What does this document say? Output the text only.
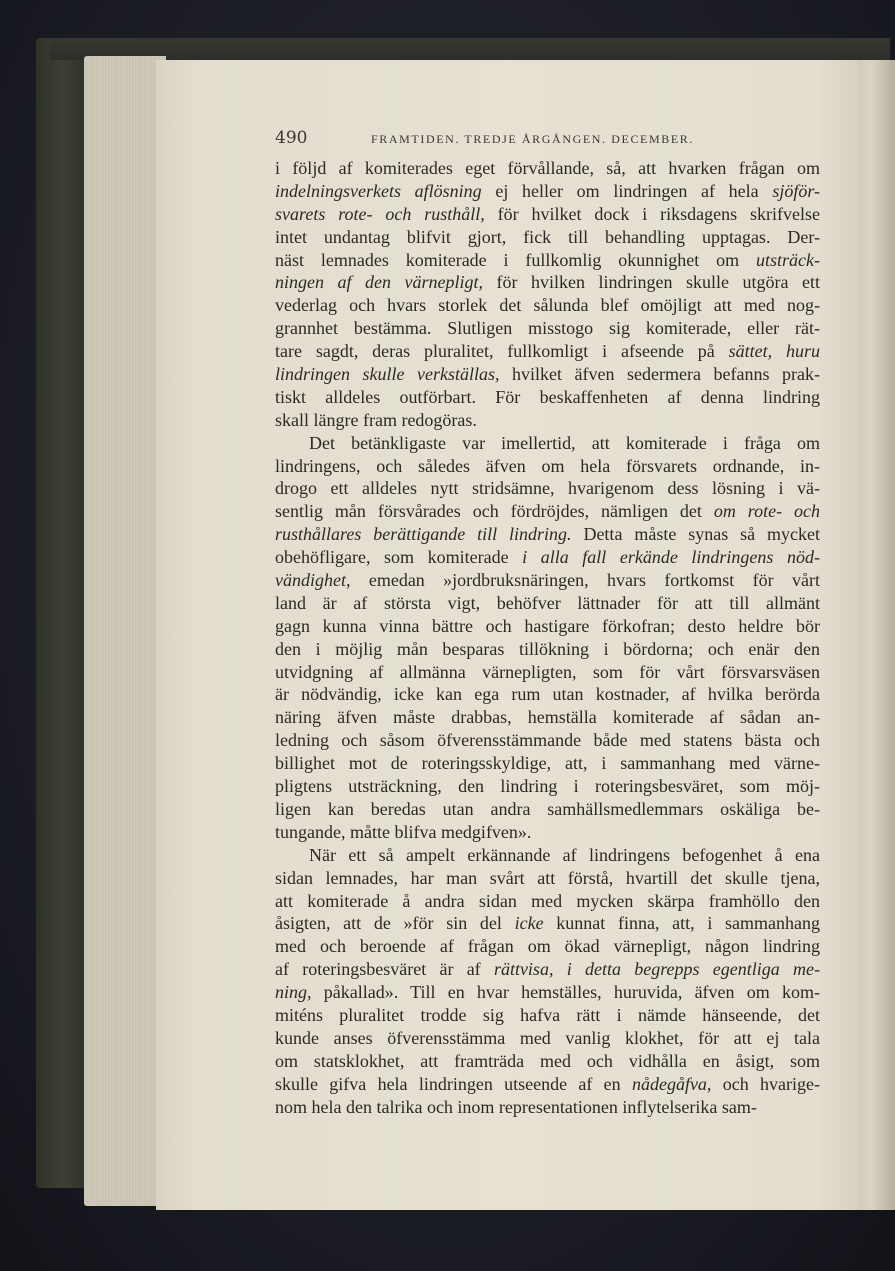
490	FRAMTIDEN. TREDJE ÅRGÅNGEN. DECEMBER.
i följd af komiterades eget förvållande, så, att hvarken frågan om
indelningsverkets aflösning ej heller om lindringen af hela sjöför-
svarets rote- och rusthåll, för hvilket dock i riksdagens skrifvelse
intet undantag blifvit gjort, fick till behandling upptagas. Der-
näst lemnades komiterade i fullkomlig okunnighet om utsträck-
ningen af den värnepligt, för hvilken lindringen skulle utgöra ett
vederlag och hvars storlek det sålunda blef omöjligt att med nog-
grannhet bestämma. Slutligen misstogo sig komiterade, eller rät-
tare sagdt, deras pluralitet, fullkomligt i afseende på sättet, huru
lindringen skulle verkställas, hvilket äfven sedermera befanns prak-
tiskt alldeles outförbart. För beskaffenheten af denna lindring
skall längre fram redogöras.
Det betänkligaste var imellertid, att komiterade i fråga om
lindringens, och således äfven om hela försvarets ordnande, in-
drogo ett alldeles nytt stridsämne, hvarigenom dess lösning i vä-
sentlig mån försvårades och fördröjdes, nämligen det om rote- och
rusthållares berättigande till lindring. Detta måste synas så mycket
obehöfligare, som komiterade i alla fall erkände lindringens nöd-
vändighet, emedan »jordbruksnäringen, hvars fortkomst för vårt
land är af största vigt, behöfver lättnader för att till allmänt
gagn kunna vinna bättre och hastigare förkofran; desto heldre bör
den i möjlig mån besparas tillökning i bördorna; och enär den
utvidgning af allmänna värnepligten, som för vårt försvarsväsen
är nödvändig, icke kan ega rum utan kostnader, af hvilka berörda
näring äfven måste drabbas, hemställa komiterade af sådan an-
ledning och såsom öfverensstämmande både med statens bästa och
billighet mot de roteringsskyldige, att, i sammanhang med värne-
pligtens utsträckning, den lindring i roteringsbesväret, som möj-
ligen kan beredas utan andra samhällsmedlemmars oskäliga be-
tungande, måtte blifva medgifven».
När ett så ampelt erkännande af lindringens befogenhet å ena
sidan lemnades, har man svårt att förstå, hvartill det skulle tjena,
att komiterade å andra sidan med mycken skärpa framhöllo den
åsigten, att de »för sin del icke kunnat finna, att, i sammanhang
med och beroende af frågan om ökad värnepligt, någon lindring
af roteringsbesväret är af rättvisa, i detta begrepps egentliga me-
ning, påkallad». Till en hvar hemställes, huruvida, äfven om kom-
miténs pluralitet trodde sig hafva rätt i nämde hänseende, det
kunde anses öfverensstämma med vanlig klokhet, för att ej tala
om statsklokhet, att framträda med och vidhålla en åsigt, som
skulle gifva hela lindringen utseende af en nådegåfva, och hvarige-
nom hela den talrika och inom representationen inflytelserika sam-
